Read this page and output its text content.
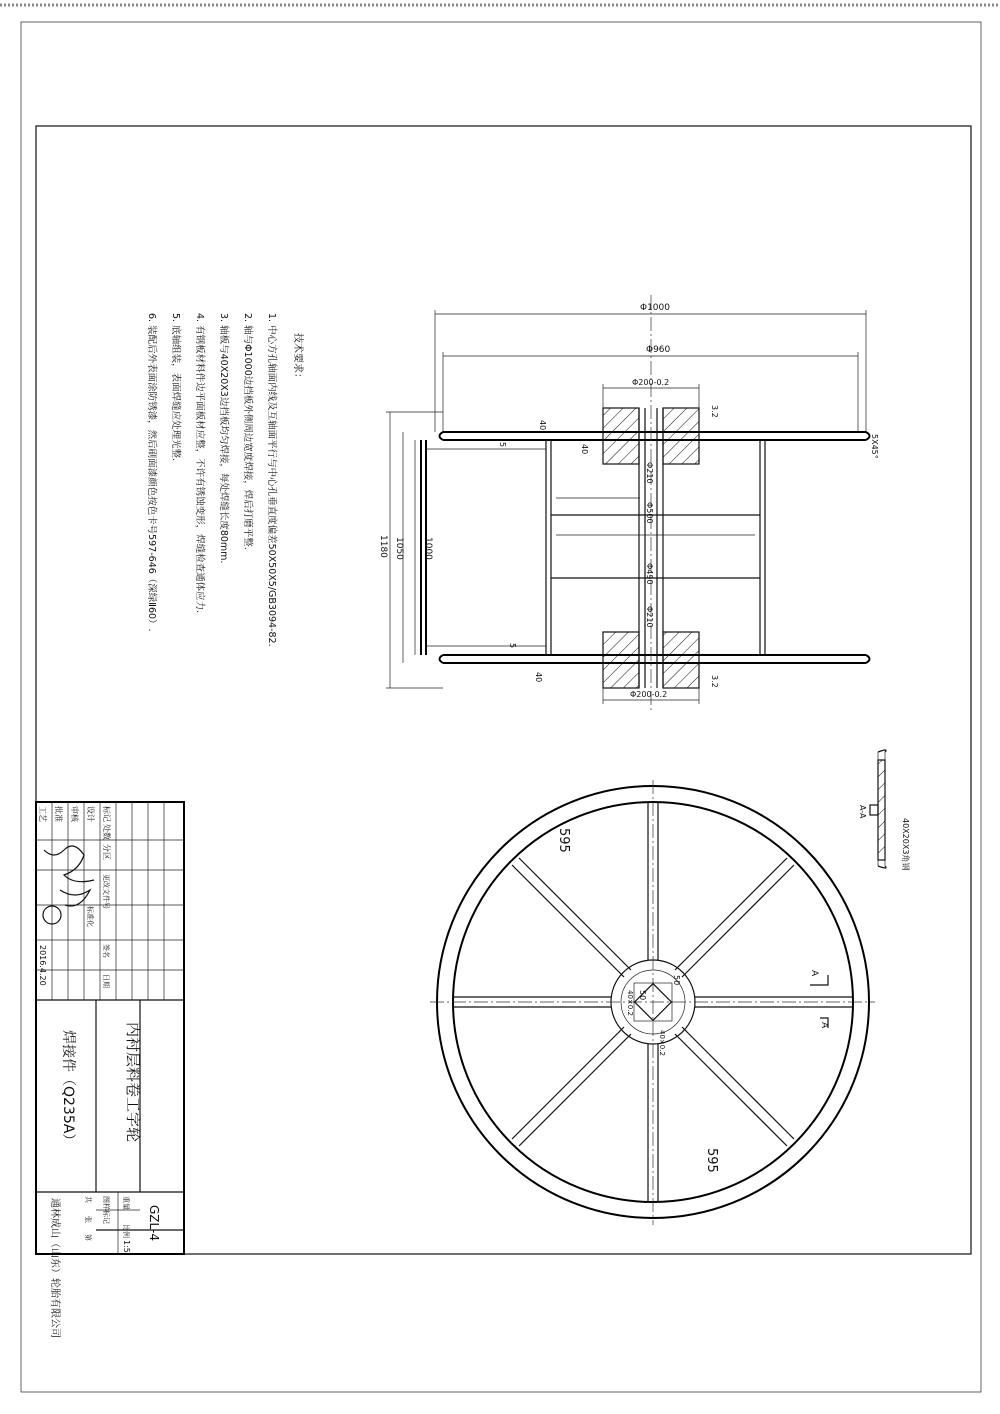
技术要求：
1. 中心方孔轴面内线及互轴面平行与中心孔垂直度偏差50X50X5/GB3094-82.
2. 轴与Φ1000边挡板外侧周边宽度焊接，焊后打磨平整.
3. 轴板与40X20X3边挡板均匀焊接，每处焊缝长度80mm.
4. 有钢板材料件边平面板材应整，不许有锈蚀变形，焊缝检查通体应力.
5. 底轴组装，表面焊缝应处理光整.
6. 装配后外表面涂防锈漆，然后刷面漆颜色按色卡号597-646（深绿Ⅱ60）.
Φ1000
Φ960
Φ200-0.2
Φ200-0.2
40
40
40
5
5
1180 1050 1000
Φ210
Φ500
Φ490
Φ210
3.2
3.2
5X45°
A-A
40X20X3角钢
50
50
40×0.2
40×0.2
595
595
A
A
工艺 批准 审核 设计 标记
处数
分区
更改文件号
标准化
签名
日期
2016.4.20
内衬层料卷工字轮
焊接件（Q235A）
GZL-4
图样标记 重量
比例
1:5
共
张
第
通林成山（山东）轮胎有限公司
